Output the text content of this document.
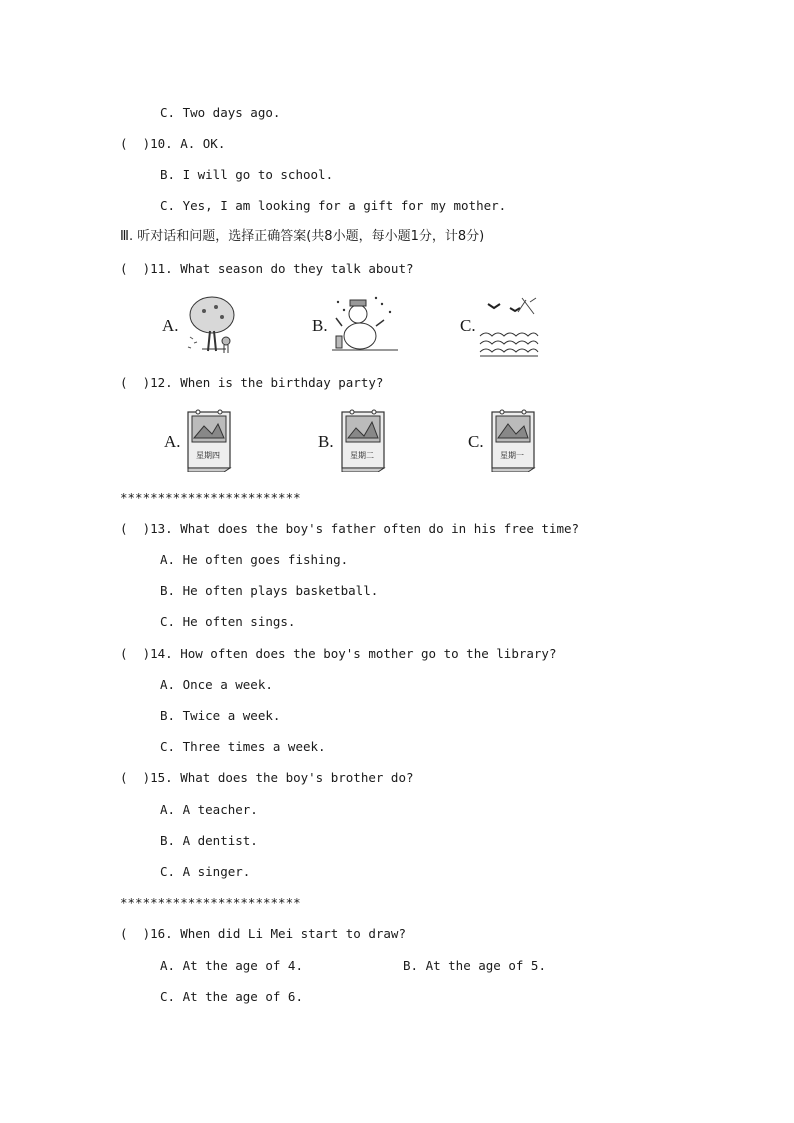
C. Two days ago.
(  )10. A. OK.
B. I will go to school.
C. Yes, I am looking for a gift for my mother.
Ⅲ. 听对话和问题，选择正确答案(共8小题，每小题1分，计8分)
(  )11. What season do they talk about?
A.	B.	C.
(  )12. When is the birthday party?
A.
星期四
B.
星期二
C.
星期一
************************
(  )13. What does the boy's father often do in his free time?
A. He often goes fishing.
B. He often plays basketball.
C. He often sings.
(  )14. How often does the boy's mother go to the library?
A. Once a week.
B. Twice a week.
C. Three times a week.
(  )15. What does the boy's brother do?
A. A teacher.
B. A dentist.
C. A singer.
************************
(  )16. When did Li Mei start to draw?
A. At the age of 4.	B. At the age of 5.
C. At the age of 6.
